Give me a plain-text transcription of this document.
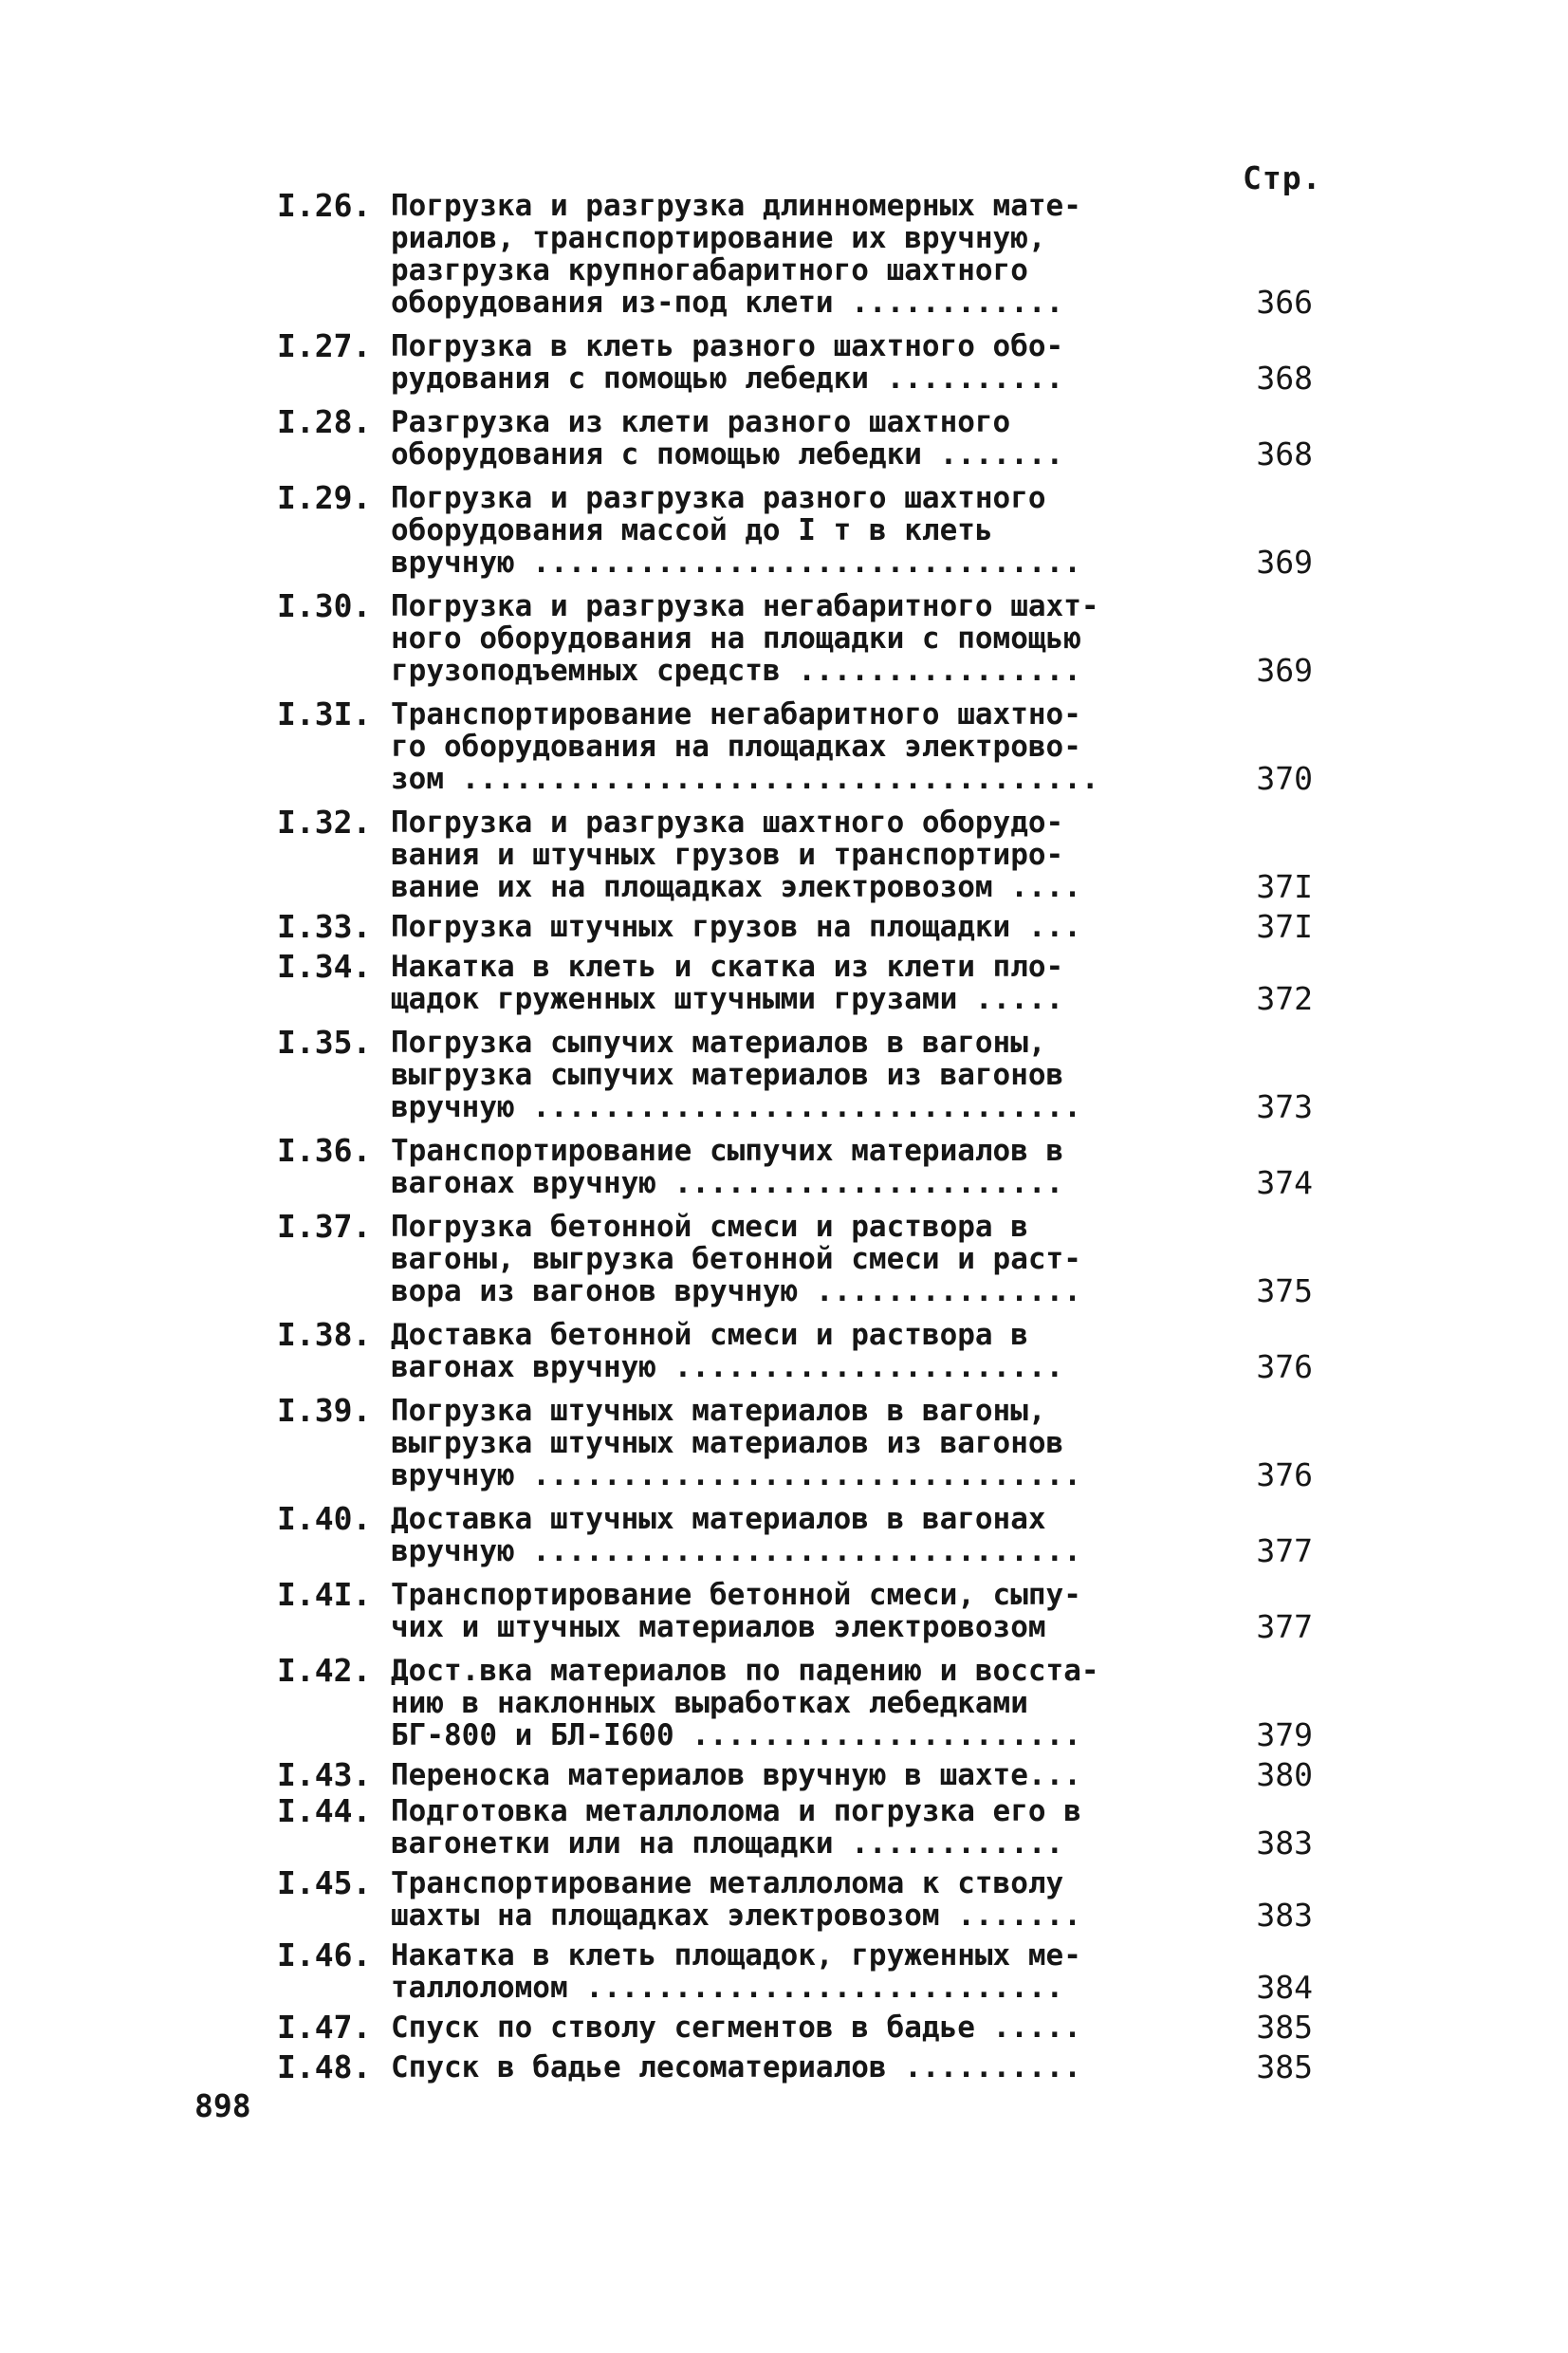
Стр.
I.26. Погрузка и разгрузка длинномерных мате-
риалов, транспортирование их вручную,
разгрузка крупногабаритного шахтного
оборудования из-под клети ............	366
I.27. Погрузка в клеть разного шахтного обо-
рудования с помощью лебедки ..........	368
I.28. Разгрузка из клети разного шахтного
оборудования с помощью лебедки .......	368
I.29. Погрузка и разгрузка разного шахтного
оборудования массой до I т в клеть
вручную ...............................	369
I.30. Погрузка и разгрузка негабаритного шахт-
ного оборудования на площадки с помощью
грузоподъемных средств ................	369
I.3I. Транспортирование негабаритного шахтно-
го оборудования на площадках электрово-
зом ....................................	370
I.32. Погрузка и разгрузка шахтного оборудо-
вания и штучных грузов и транспортиро-
вание их на площадках электровозом ....	37I
I.33. Погрузка штучных грузов на площадки ...	37I
I.34. Накатка в клеть и скатка из клети пло-
щадок груженных штучными грузами .....	372
I.35. Погрузка сыпучих материалов в вагоны,
выгрузка сыпучих материалов из вагонов
вручную ...............................	373
I.36. Транспортирование сыпучих материалов в
вагонах вручную ......................	374
I.37. Погрузка бетонной смеси и раствора в
вагоны, выгрузка бетонной смеси и раст-
вора из вагонов вручную ...............	375
I.38. Доставка бетонной смеси и раствора в
вагонах вручную ......................	376
I.39. Погрузка штучных материалов в вагоны,
выгрузка штучных материалов из вагонов
вручную ...............................	376
I.40. Доставка штучных материалов в вагонах
вручную ...............................	377
I.4I. Транспортирование бетонной смеси, сыпу-
чих и штучных материалов электровозом	377
I.42. Дост.вка материалов по падению и восста-
нию в наклонных выработках лебедками
БГ-800 и БЛ-I600 ......................	379
I.43. Переноска материалов вручную в шахте...	380
I.44. Подготовка металлолома и погрузка его в
вагонетки или на площадки ............	383
I.45. Транспортирование металлолома к стволу
шахты на площадках электровозом .......	383
I.46. Накатка в клеть площадок, груженных ме-
таллоломом ...........................	384
I.47. Спуск по стволу сегментов в бадье .....	385
I.48. Спуск в бадье лесоматериалов ..........	385
898
